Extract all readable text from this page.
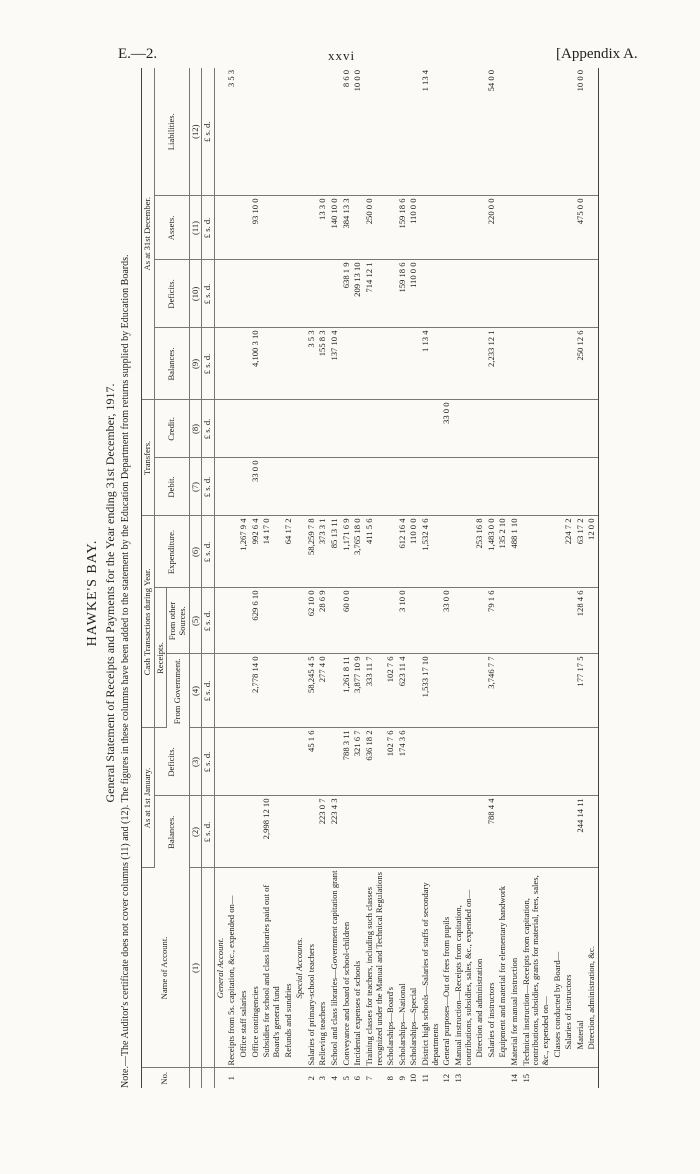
E.—2.	xxvi	[Appendix A.
HAWKE'S BAY. General Statement of Receipts and Payments for the Year ending 31st December, 1917. Note.—The Auditor's certificate does not cover columns (11) and (12). The figures in these columns have been added to the statement by the Education Department from returns supplied by Education Boards.	No.	Name of Account.	As at 1st January.		Cash Transactions during Year.			Transfers.		As at 31st December.			
		Balances.	Deficits.	Receipts.		Expenditure.	Debit.	Credit.	Balances.	Deficits.	Assets.	Liabilities.
				From Government.	From other Sources.							
	(1)	(2)	(3)	(4)	(5)	(6)	(7)	(8)	(9)	(10)	(11)	(12)
		£ s. d.	£ s. d.	£ s. d.	£ s. d.	£ s. d.	£ s. d.	£ s. d.	£ s. d.	£ s. d.	£ s. d.	£ s. d.
	General Account.											
1	Receipts from 5s. capitation, &c., expended on—											3 5 3
	Office staff salaries					1,267 9 4						
	Office contingencies			2,778 14 0	629 6 10	992 6 4	33 0 0		4,100 3 10		93 10 0	
	Subsidies for school and class libraries paid out of Board's general fund	2,998 12 10				14 17 0						
	Refunds and sundries					64 17 2						
	Special Accounts.											
2	Salaries of primary-school teachers		45 1 6	58,245 4 5	62 10 0	58,259 7 8			3 5 3			
3	Relieving teachers	223 0 7		277 4 0	28 6 9	373 3 1			155 8 3		13 3 0	
4	School and class libraries—Government capitation grant	223 4 3				85 13 11			137 10 4		140 10 0	
5	Conveyance and board of school-children		788 3 11	1,261 8 11	60 0 0	1,171 6 9				638 1 9	384 13 3	8 6 0
6	Incidental expenses of schools		321 6 7	3,877 10 9		3,765 18 0				209 13 10		10 0 0
7	Training classes for teachers, including such classes recognized under the Manual and Technical Regulations		636 18 2	333 11 7		411 5 6				714 12 1	250 0 0	
8	Scholarships—Board's		102 7 6	102 7 6								
9	Scholarships—National		174 3 6	623 11 4	3 10 0	612 16 4				159 18 6	159 18 6	
10	Scholarships—Special					110 0 0				110 0 0	110 0 0	
11	District high schools—Salaries of staffs of secondary departments			1,533 17 10		1,532 4 6			1 13 4			1 13 4
12	General purposes—Out of fees from pupils				33 0 0			33 0 0				
13	Manual instruction—Receipts from capitation, contributions, subsidies, sales, &c., expended on—											
	Direction and administration					253 16 8						
	Salaries of instructors	788 4 4		3,746 7 7	79 1 6	1,483 0 0			2,233 12 1		220 0 0	54 0 0
	Equipment and material for elementary handwork					135 2 10						
14	Material for manual instruction					488 1 10						
15	Technical instruction—Receipts from capitation, contributions, subsidies, grants for material, fees, sales, &c., expended on—											
	Classes conducted by Board—											
	Salaries of instructors					224 7 2						
	Material	244 14 11		177 17 5	128 4 6	63 17 2			250 12 6		475 0 0	10 0 0
	Direction, administration, &c.					12 0 0						
